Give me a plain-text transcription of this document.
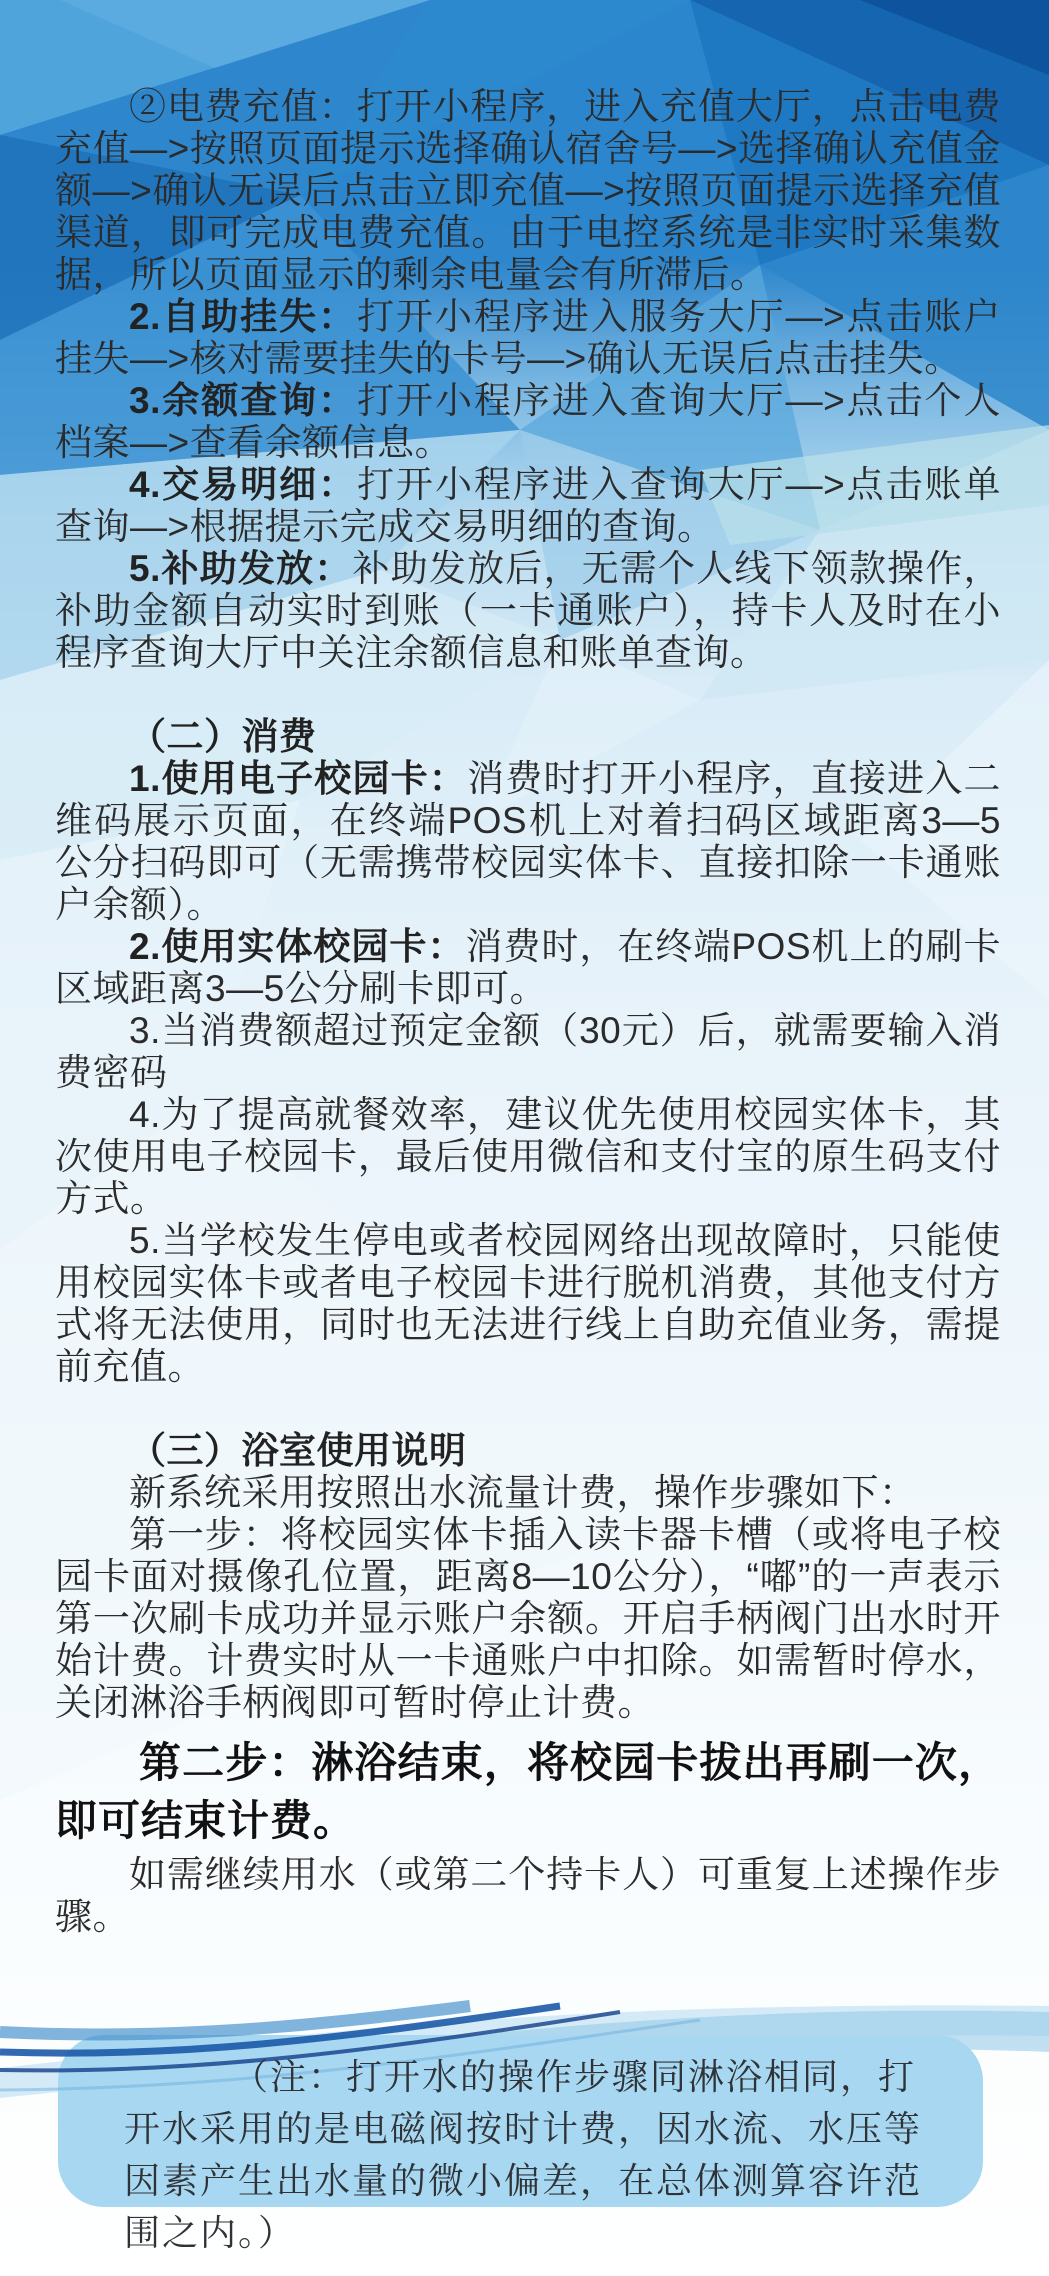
②电费充值：打开小程序，进入充值大厅，点击电费充值—>按照页面提示选择确认宿舍号—>选择确认充值金额—>确认无误后点击立即充值—>按照页面提示选择充值渠道，即可完成电费充值。由于电控系统是非实时采集数据，所以页面显示的剩余电量会有所滞后。
2.自助挂失：打开小程序进入服务大厅—>点击账户挂失—>核对需要挂失的卡号—>确认无误后点击挂失。
3.余额查询：打开小程序进入查询大厅—>点击个人档案—>查看余额信息。
4.交易明细：打开小程序进入查询大厅—>点击账单查询—>根据提示完成交易明细的查询。
5.补助发放：补助发放后，无需个人线下领款操作，补助金额自动实时到账（一卡通账户），持卡人及时在小程序查询大厅中关注余额信息和账单查询。
（二）消费
1.使用电子校园卡：消费时打开小程序，直接进入二维码展示页面，在终端POS机上对着扫码区域距离3—5公分扫码即可（无需携带校园实体卡、直接扣除一卡通账户余额）。
2.使用实体校园卡：消费时，在终端POS机上的刷卡区域距离3—5公分刷卡即可。
3.当消费额超过预定金额（30元）后，就需要输入消费密码
4.为了提高就餐效率，建议优先使用校园实体卡，其次使用电子校园卡，最后使用微信和支付宝的原生码支付方式。
5.当学校发生停电或者校园网络出现故障时，只能使用校园实体卡或者电子校园卡进行脱机消费，其他支付方式将无法使用，同时也无法进行线上自助充值业务，需提前充值。
（三）浴室使用说明
新系统采用按照出水流量计费，操作步骤如下：
第一步：将校园实体卡插入读卡器卡槽（或将电子校园卡面对摄像孔位置，距离8—10公分），“嘟”的一声表示第一次刷卡成功并显示账户余额。开启手柄阀门出水时开始计费。计费实时从一卡通账户中扣除。如需暂时停水，关闭淋浴手柄阀即可暂时停止计费。
第二步：淋浴结束，将校园卡拔出再刷一次，即可结束计费。
如需继续用水（或第二个持卡人）可重复上述操作步骤。
（注：打开水的操作步骤同淋浴相同，打开水采用的是电磁阀按时计费，因水流、水压等因素产生出水量的微小偏差，在总体测算容许范围之内。）
